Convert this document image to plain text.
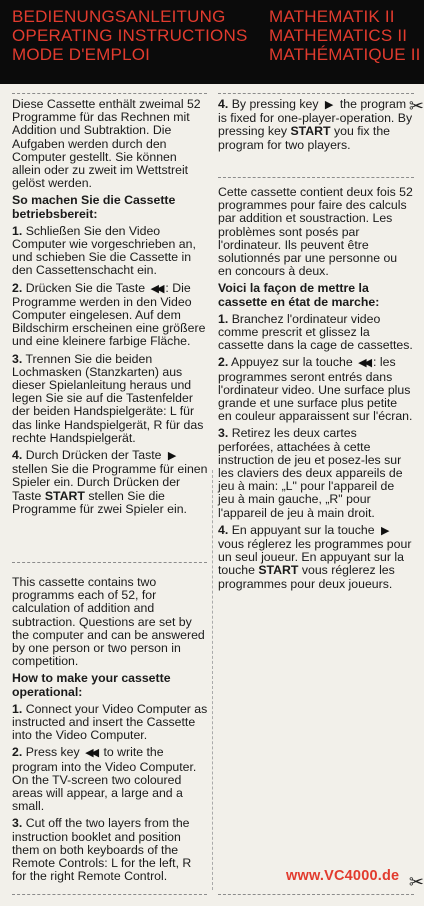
BEDIENUNGSANLEITUNG
OPERATING INSTRUCTIONS
MODE D'EMPLOI
MATHEMATIK II
MATHEMATICS II
MATHÉMATIQUE II
✂
✂

Diese Cassette enthält zweimal 52 Programme für das Rechnen mit Addition und Subtraktion. Die Aufgaben werden durch den Computer gestellt. Sie können allein oder zu zweit im Wettstreit gelöst werden.

So machen Sie die Cassette betriebsbereit:

1. Schließen Sie den Video Computer wie vorgeschrieben an, und schieben Sie die Cassette in den Cassettenschacht ein.

2. Drücken Sie die Taste ◀◀ : Die Programme werden in den Video Computer eingelesen. Auf dem Bildschirm erscheinen eine größere und eine kleinere farbige Fläche.

3. Trennen Sie die beiden Lochmasken (Stanzkarten) aus dieser Spielanleitung heraus und legen Sie sie auf die Tastenfelder der beiden Handspielgeräte: L für das linke Handspielgerät, R für das rechte Handspielgerät.

4. Durch Drücken der Taste ▶ stellen Sie die Programme für einen Spieler ein. Durch Drücken der Taste START stellen Sie die Programme für zwei Spieler ein.

4. By pressing key ▶ the program is fixed for one-player-operation. By pressing key START you fix the program for two players.

Cette cassette contient deux fois 52 programmes pour faire des calculs par addition et soustraction. Les problèmes sont posés par l'ordinateur. Ils peuvent être solutionnés par une personne ou en concours à deux.

Voici la façon de mettre la cassette en état de marche:

1. Branchez l'ordinateur video comme prescrit et glissez la cassette dans la cage de cassettes.

2. Appuyez sur la touche ◀◀ : les programmes seront entrés dans l'ordinateur video. Une surface plus grande et une surface plus petite en couleur apparaissent sur l'écran.

3. Retirez les deux cartes perforées, attachées à cette instruction de jeu et posez-les sur les claviers des deux appareils de jeu à main: „L" pour l'appareil de jeu à main gauche, „R" pour l'appareil de jeu à main droit.

4. En appuyant sur la touche ▶ vous réglerez les programmes pour un seul joueur. En appuyant sur la touche START vous réglerez les programmes pour deux joueurs.

This cassette contains two programms each of 52, for calculation of addition and subtraction. Questions are set by the computer and can be answered by one person or two person in competition.

How to make your cassette operational:

1. Connect your Video Computer as instructed and insert the Cassette into the Video Computer.

2. Press key ◀◀ to write the program into the Video Computer. On the TV-screen two coloured areas will appear, a large and a small.

3. Cut off the two layers from the instruction booklet and position them on both keyboards of the Remote Controls: L for the left, R for the right Remote Control.	www.VC4000.de
